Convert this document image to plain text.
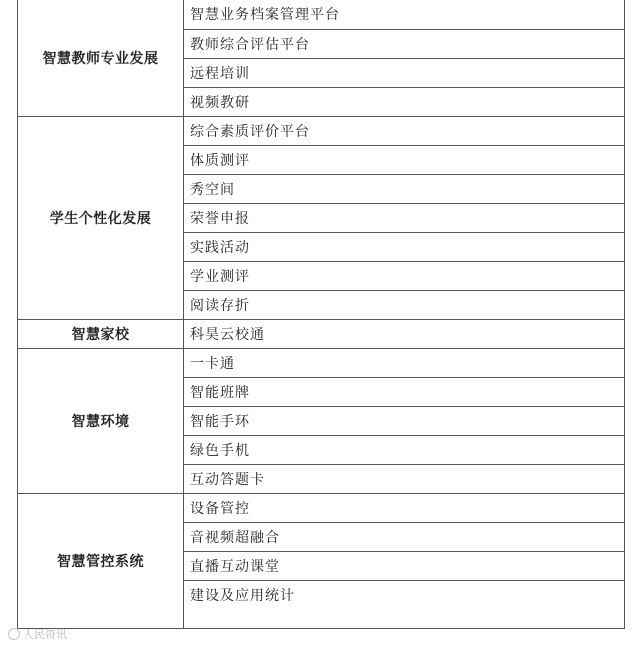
智慧教师专业发展	智慧业务档案管理平台
	教师综合评估平台
	远程培训
	视频教研
学生个性化发展	综合素质评价平台
	体质测评
	秀空间
	荣誉申报
	实践活动
	学业测评
	阅读存折
智慧家校	科昊云校通
智慧环境	一卡通
	智能班牌
	智能手环
	绿色手机
	互动答题卡
智慧管控系统	设备管控
	音视频超融合
	直播互动课堂
	建设及应用统计
人民资讯
